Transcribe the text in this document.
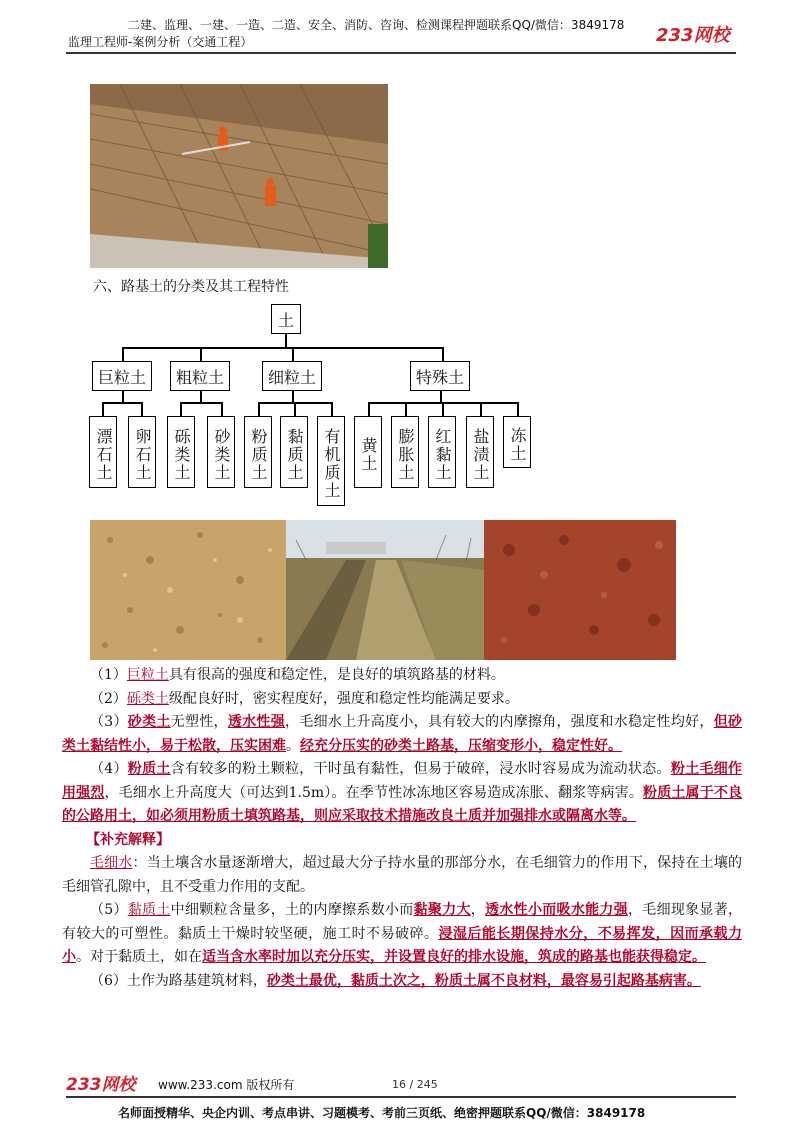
二建、监理、一建、一造、二造、安全、消防、咨询、检测课程押题联系QQ/微信：3849178
监理工程师-案例分析（交通工程）	233网校
六、路基土的分类及其工程特性
土
巨粒土	粗粒土	细粒土	特殊土
漂石土	卵石土	砾类土	砂类土	粉质土	黏质土	有机质土	黄土	膨胀土	红黏土	盐渍土	冻土

（1）巨粒土具有很高的强度和稳定性，是良好的填筑路基的材料。

（2）砾类土级配良好时，密实程度好，强度和稳定性均能满足要求。

（3）砂类土无塑性，透水性强，毛细水上升高度小，具有较大的内摩擦角，强度和水稳定性均好，但砂类土黏结性小，易于松散，压实困难。经充分压实的砂类土路基，压缩变形小，稳定性好。

（4）粉质土含有较多的粉土颗粒，干时虽有黏性，但易于破碎，浸水时容易成为流动状态。粉土毛细作用强烈，毛细水上升高度大（可达到1.5m）。在季节性冰冻地区容易造成冻胀、翻浆等病害。粉质土属于不良的公路用土，如必须用粉质土填筑路基，则应采取技术措施改良土质并加强排水或隔离水等。

【补充解释】

毛细水：当土壤含水量逐渐增大，超过最大分子持水量的那部分水，在毛细管力的作用下，保持在土壤的毛细管孔隙中，且不受重力作用的支配。

（5）黏质土中细颗粒含量多，土的内摩擦系数小而黏聚力大，透水性小而吸水能力强，毛细现象显著，有较大的可塑性。黏质土干燥时较坚硬，施工时不易破碎。浸湿后能长期保持水分，不易挥发，因而承载力小。对于黏质土，如在适当含水率时加以充分压实，并设置良好的排水设施，筑成的路基也能获得稳定。

（6）土作为路基建筑材料，砂类土最优，黏质土次之，粉质土属不良材料，最容易引起路基病害。

233网校 www.233.com 版权所有	16 / 245
名师面授精华、央企内训、考点串讲、习题模考、考前三页纸、绝密押题联系QQ/微信：3849178
